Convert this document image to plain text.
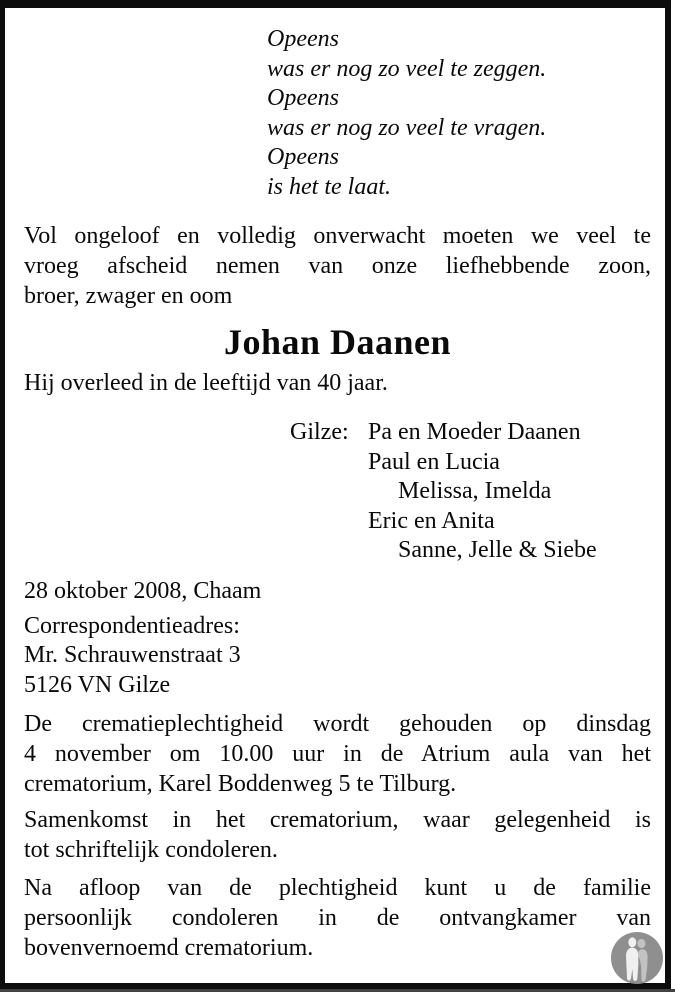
Opeens
was er nog zo veel te zeggen.
Opeens
was er nog zo veel te vragen.
Opeens
is het te laat.
Vol ongeloof en volledig onverwacht moeten we veel te
vroeg afscheid nemen van onze liefhebbende zoon,
broer, zwager en oom
Johan Daanen
Hij overleed in de leeftijd van 40 jaar.
Gilze: Pa en Moeder Daanen
Paul en Lucia
Melissa, Imelda
Eric en Anita
Sanne, Jelle & Siebe
28 oktober 2008, Chaam
Correspondentieadres:
Mr. Schrauwenstraat 3
5126 VN Gilze
De crematieplechtigheid wordt gehouden op dinsdag
4 november om 10.00 uur in de Atrium aula van het
crematorium, Karel Boddenweg 5 te Tilburg.
Samenkomst in het crematorium, waar gelegenheid is
tot schriftelijk condoleren.
Na afloop van de plechtigheid kunt u de familie
persoonlijk condoleren in de ontvangkamer van
bovenvernoemd crematorium.
